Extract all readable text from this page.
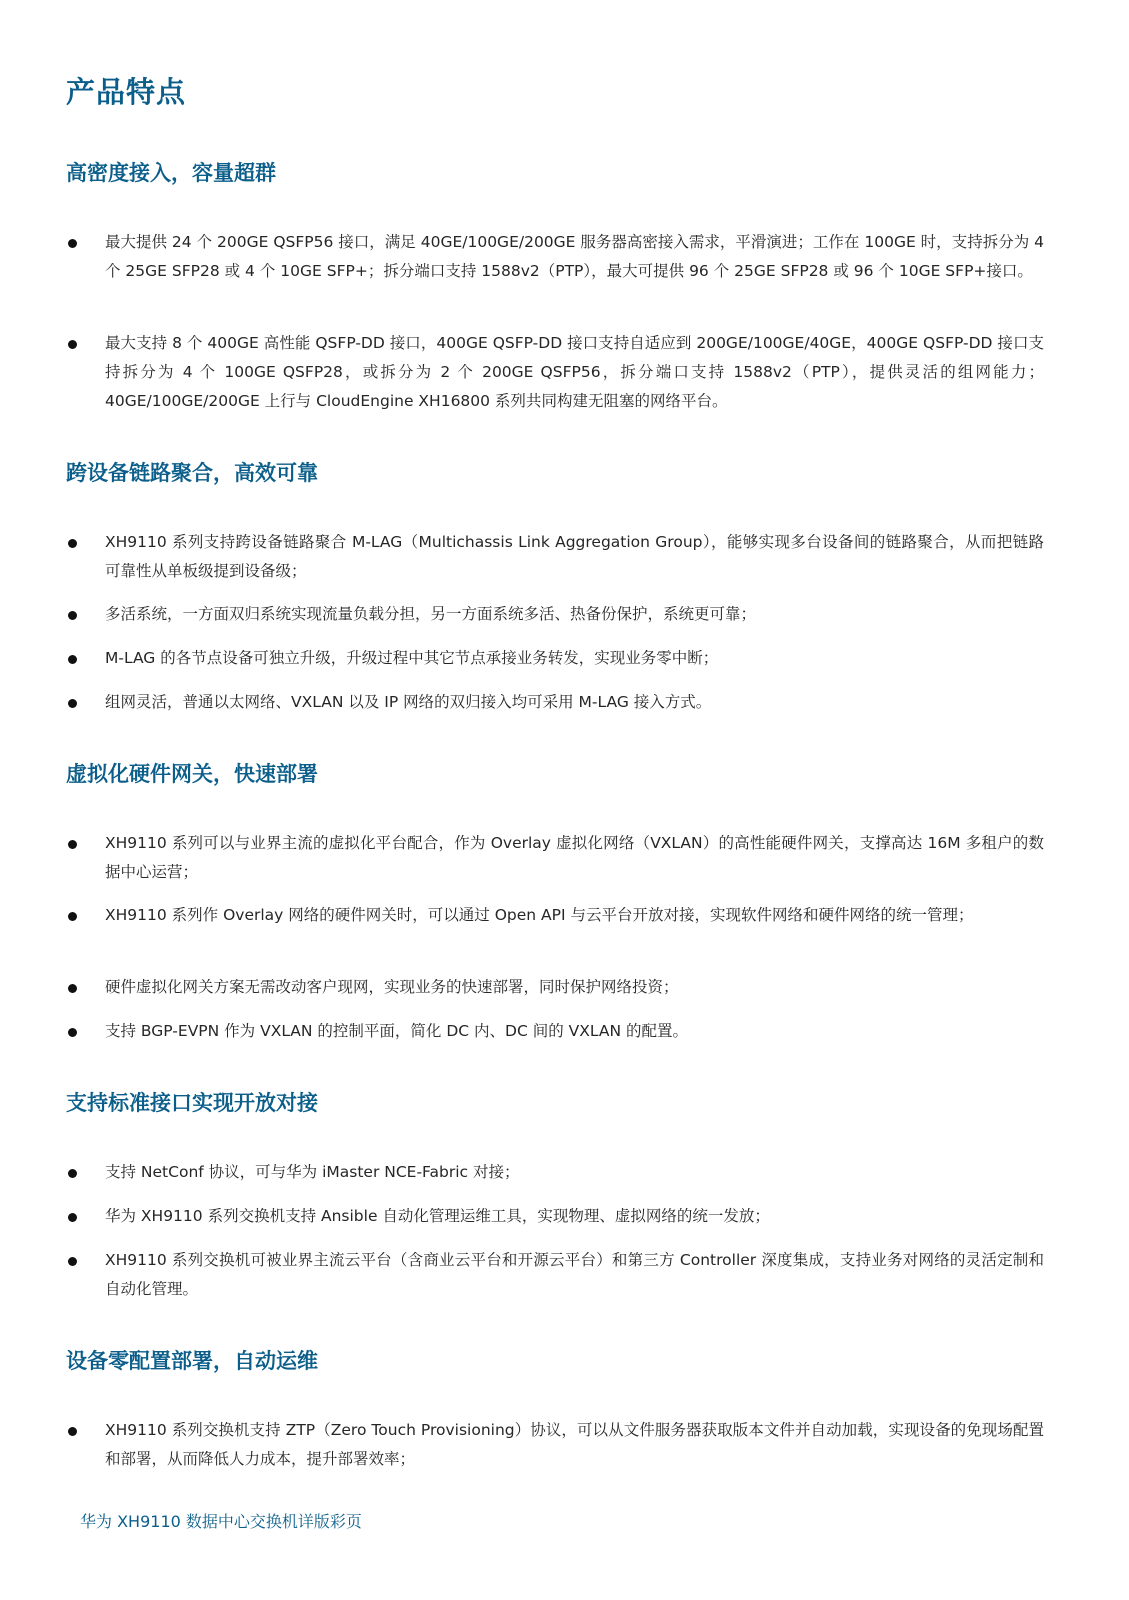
产品特点
高密度接入，容量超群
最大提供 24 个 200GE QSFP56 接口，满足 40GE/100GE/200GE 服务器高密接入需求，平滑演进；工作在 100GE 时，支持拆分为 4 个 25GE SFP28 或 4 个 10GE SFP+；拆分端口支持 1588v2（PTP），最大可提供 96 个 25GE SFP28 或 96 个 10GE SFP+接口。
最大支持 8 个 400GE 高性能 QSFP-DD 接口，400GE QSFP-DD 接口支持自适应到 200GE/100GE/40GE，400GE QSFP-DD 接口支持拆分为 4 个 100GE QSFP28，或拆分为 2 个 200GE QSFP56，拆分端口支持 1588v2（PTP），提供灵活的组网能力；40GE/100GE/200GE 上行与 CloudEngine XH16800 系列共同构建无阻塞的网络平台。
跨设备链路聚合，高效可靠
XH9110 系列支持跨设备链路聚合 M-LAG（Multichassis Link Aggregation Group），能够实现多台设备间的链路聚合，从而把链路可靠性从单板级提到设备级；
多活系统，一方面双归系统实现流量负载分担，另一方面系统多活、热备份保护，系统更可靠；
M-LAG 的各节点设备可独立升级，升级过程中其它节点承接业务转发，实现业务零中断；
组网灵活，普通以太网络、VXLAN 以及 IP 网络的双归接入均可采用 M-LAG 接入方式。
虚拟化硬件网关，快速部署
XH9110 系列可以与业界主流的虚拟化平台配合，作为 Overlay 虚拟化网络（VXLAN）的高性能硬件网关，支撑高达 16M 多租户的数据中心运营；
XH9110 系列作 Overlay 网络的硬件网关时，可以通过 Open API 与云平台开放对接，实现软件网络和硬件网络的统一管理；
硬件虚拟化网关方案无需改动客户现网，实现业务的快速部署，同时保护网络投资；
支持 BGP-EVPN 作为 VXLAN 的控制平面，简化 DC 内、DC 间的 VXLAN 的配置。
支持标准接口实现开放对接
支持 NetConf 协议，可与华为 iMaster NCE-Fabric 对接；
华为 XH9110 系列交换机支持 Ansible 自动化管理运维工具，实现物理、虚拟网络的统一发放；
XH9110 系列交换机可被业界主流云平台（含商业云平台和开源云平台）和第三方 Controller 深度集成，支持业务对网络的灵活定制和自动化管理。
设备零配置部署，自动运维
XH9110 系列交换机支持 ZTP（Zero Touch Provisioning）协议，可以从文件服务器获取版本文件并自动加载，实现设备的免现场配置和部署，从而降低人力成本，提升部署效率；
华为 XH9110 数据中心交换机详版彩页
